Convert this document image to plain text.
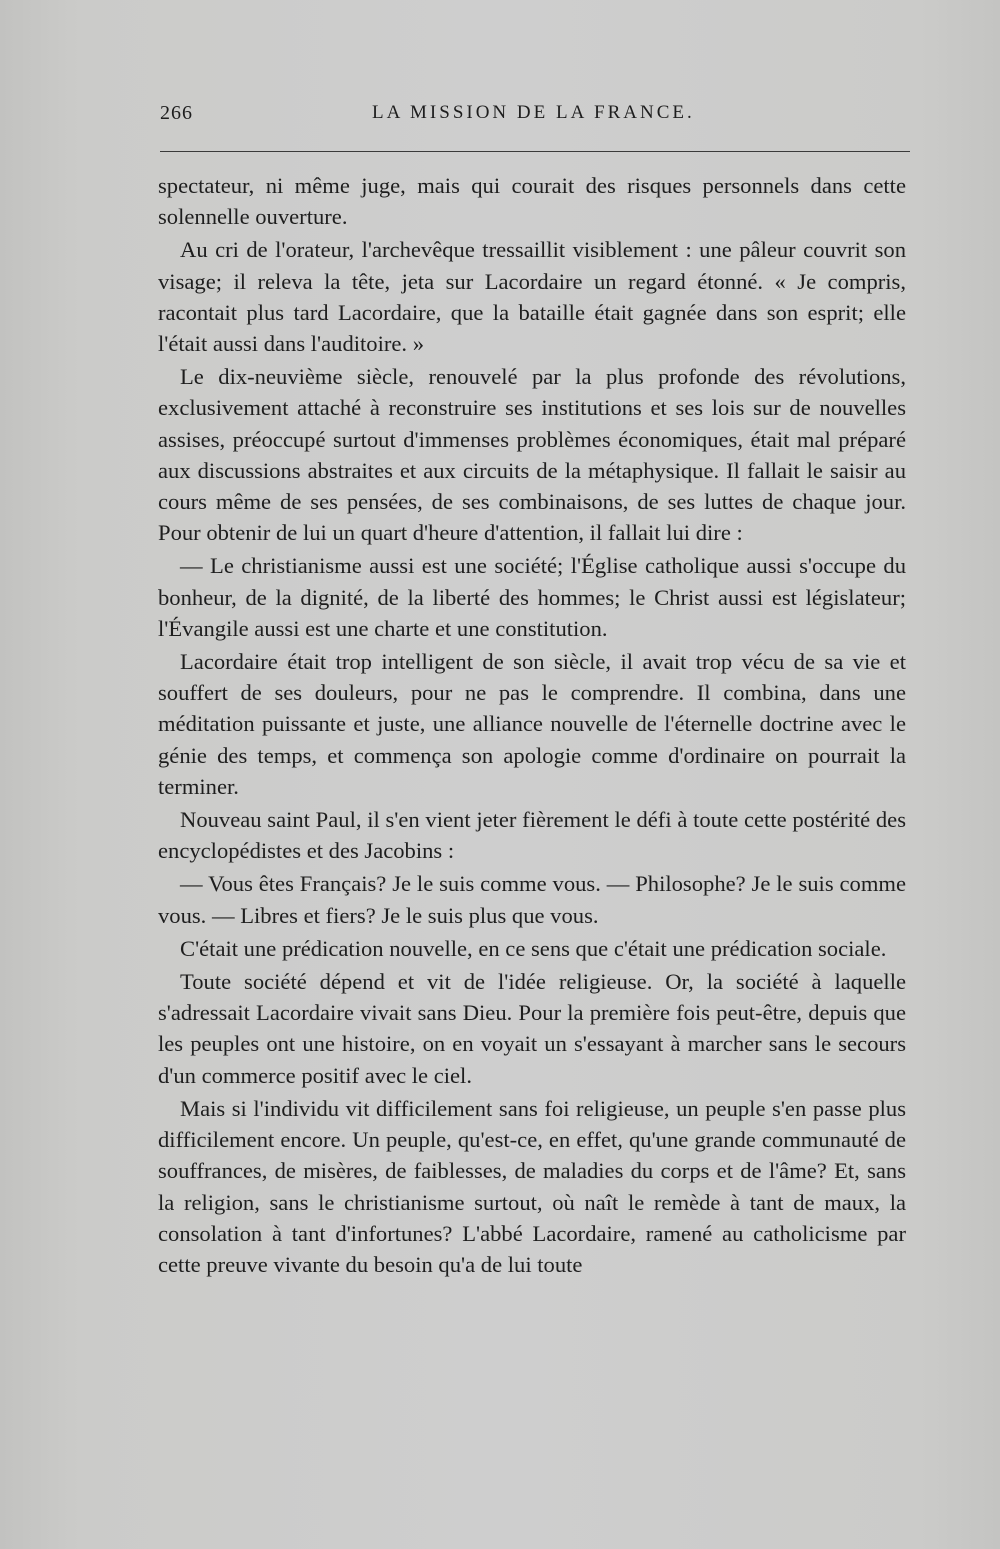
266	LA MISSION DE LA FRANCE.

spectateur, ni même juge, mais qui courait des risques personnels dans cette solennelle ouverture.

Au cri de l'orateur, l'archevêque tressaillit visiblement : une pâleur couvrit son visage; il releva la tête, jeta sur Lacordaire un regard étonné. « Je compris, racontait plus tard Lacordaire, que la bataille était gagnée dans son esprit; elle l'était aussi dans l'auditoire. »

Le dix-neuvième siècle, renouvelé par la plus profonde des révolutions, exclusivement attaché à reconstruire ses institutions et ses lois sur de nouvelles assises, préoccupé surtout d'immenses problèmes économiques, était mal préparé aux discussions abstraites et aux circuits de la métaphysique. Il fallait le saisir au cours même de ses pensées, de ses combinaisons, de ses luttes de chaque jour. Pour obtenir de lui un quart d'heure d'attention, il fallait lui dire :

— Le christianisme aussi est une société; l'Église catholique aussi s'occupe du bonheur, de la dignité, de la liberté des hommes; le Christ aussi est législateur; l'Évangile aussi est une charte et une constitution.

Lacordaire était trop intelligent de son siècle, il avait trop vécu de sa vie et souffert de ses douleurs, pour ne pas le comprendre. Il combina, dans une méditation puissante et juste, une alliance nouvelle de l'éternelle doctrine avec le génie des temps, et commença son apologie comme d'ordinaire on pourrait la terminer.

Nouveau saint Paul, il s'en vient jeter fièrement le défi à toute cette postérité des encyclopédistes et des Jacobins :

— Vous êtes Français? Je le suis comme vous. — Philosophe? Je le suis comme vous. — Libres et fiers? Je le suis plus que vous.

C'était une prédication nouvelle, en ce sens que c'était une prédication sociale.

Toute société dépend et vit de l'idée religieuse. Or, la société à laquelle s'adressait Lacordaire vivait sans Dieu. Pour la première fois peut-être, depuis que les peuples ont une histoire, on en voyait un s'essayant à marcher sans le secours d'un commerce positif avec le ciel.

Mais si l'individu vit difficilement sans foi religieuse, un peuple s'en passe plus difficilement encore. Un peuple, qu'est-ce, en effet, qu'une grande communauté de souffrances, de misères, de faiblesses, de maladies du corps et de l'âme? Et, sans la religion, sans le christianisme surtout, où naît le remède à tant de maux, la consolation à tant d'infortunes? L'abbé Lacordaire, ramené au catholicisme par cette preuve vivante du besoin qu'a de lui toute
